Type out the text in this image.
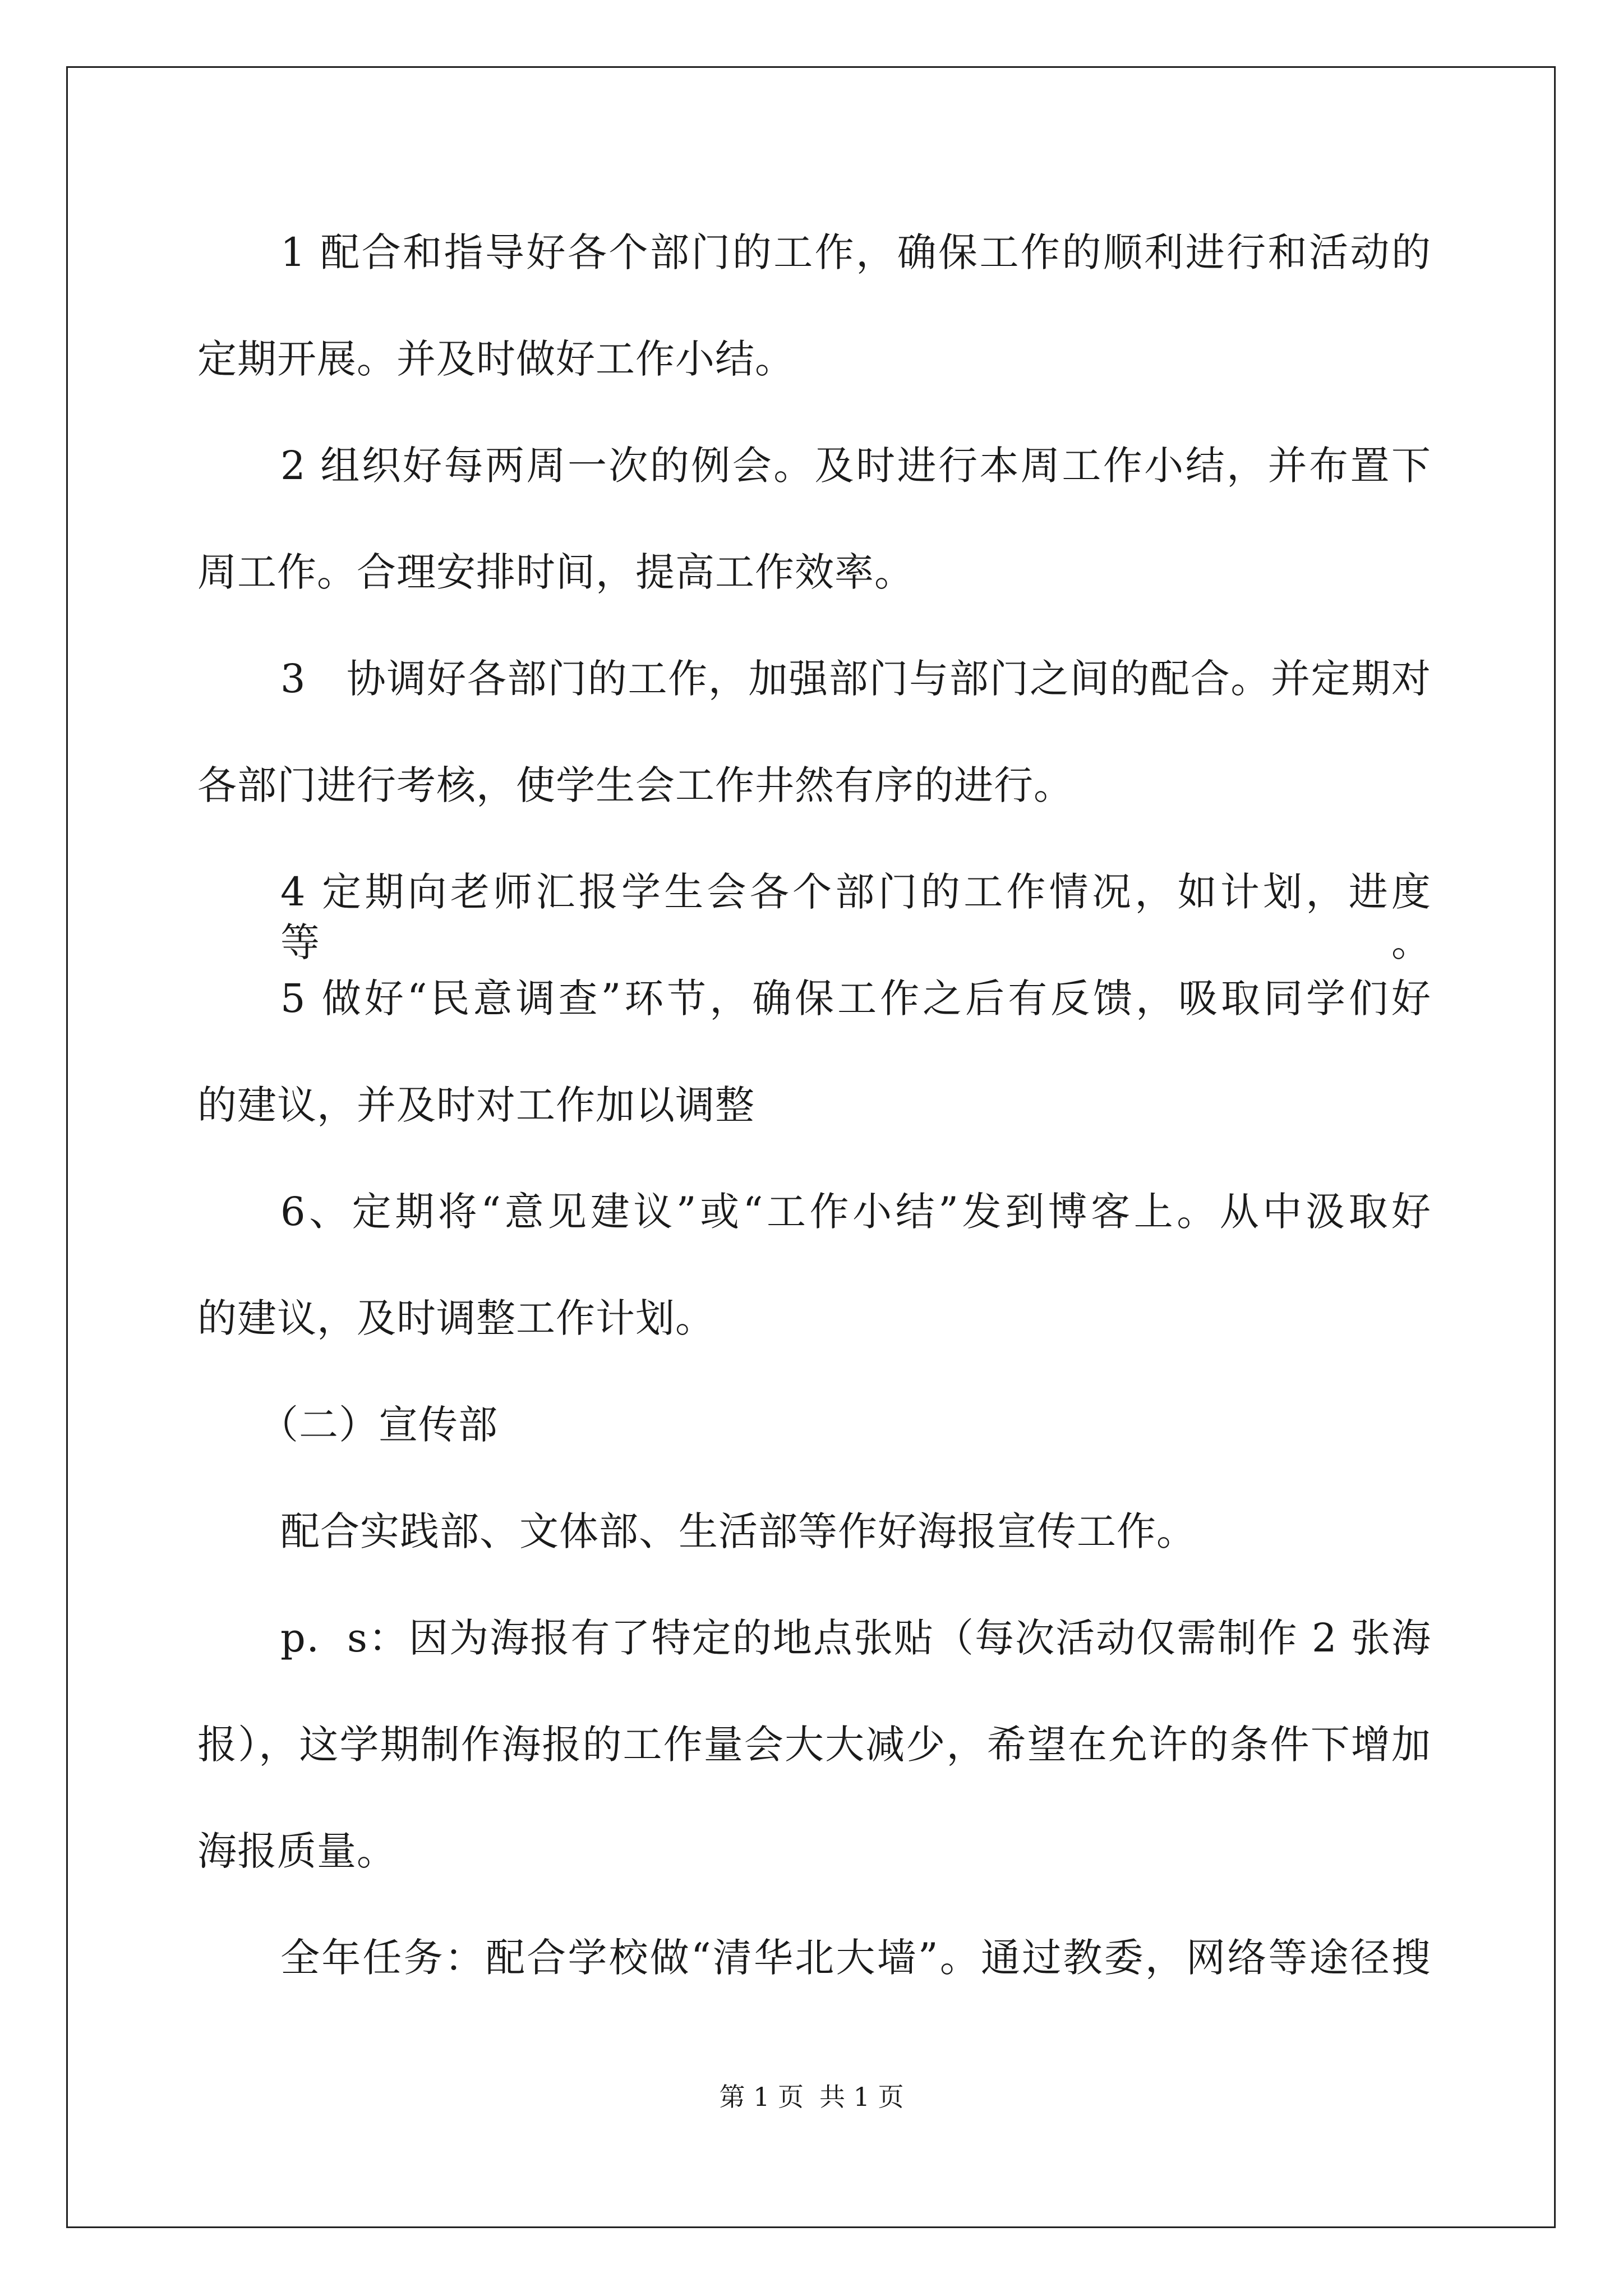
1 配合和指导好各个部门的工作，确保工作的顺利进行和活动的
定期开展。并及时做好工作小结。
2 组织好每两周一次的例会。及时进行本周工作小结，并布置下
周工作。合理安排时间，提高工作效率。
3　协调好各部门的工作，加强部门与部门之间的配合。并定期对
各部门进行考核，使学生会工作井然有序的进行。
4 定期向老师汇报学生会各个部门的工作情况，如计划，进度等。
5 做好“民意调查”环节，确保工作之后有反馈，吸取同学们好
的建议，并及时对工作加以调整
6、定期将“意见建议”或“工作小结”发到博客上。从中汲取好
的建议，及时调整工作计划。
（二）宣传部
配合实践部、文体部、生活部等作好海报宣传工作。
p．s：因为海报有了特定的地点张贴（每次活动仅需制作 2 张海
报），这学期制作海报的工作量会大大减少，希望在允许的条件下增加
海报质量。
全年任务：配合学校做“清华北大墙”。通过教委，网络等途径搜
第 1 页 共 1 页
